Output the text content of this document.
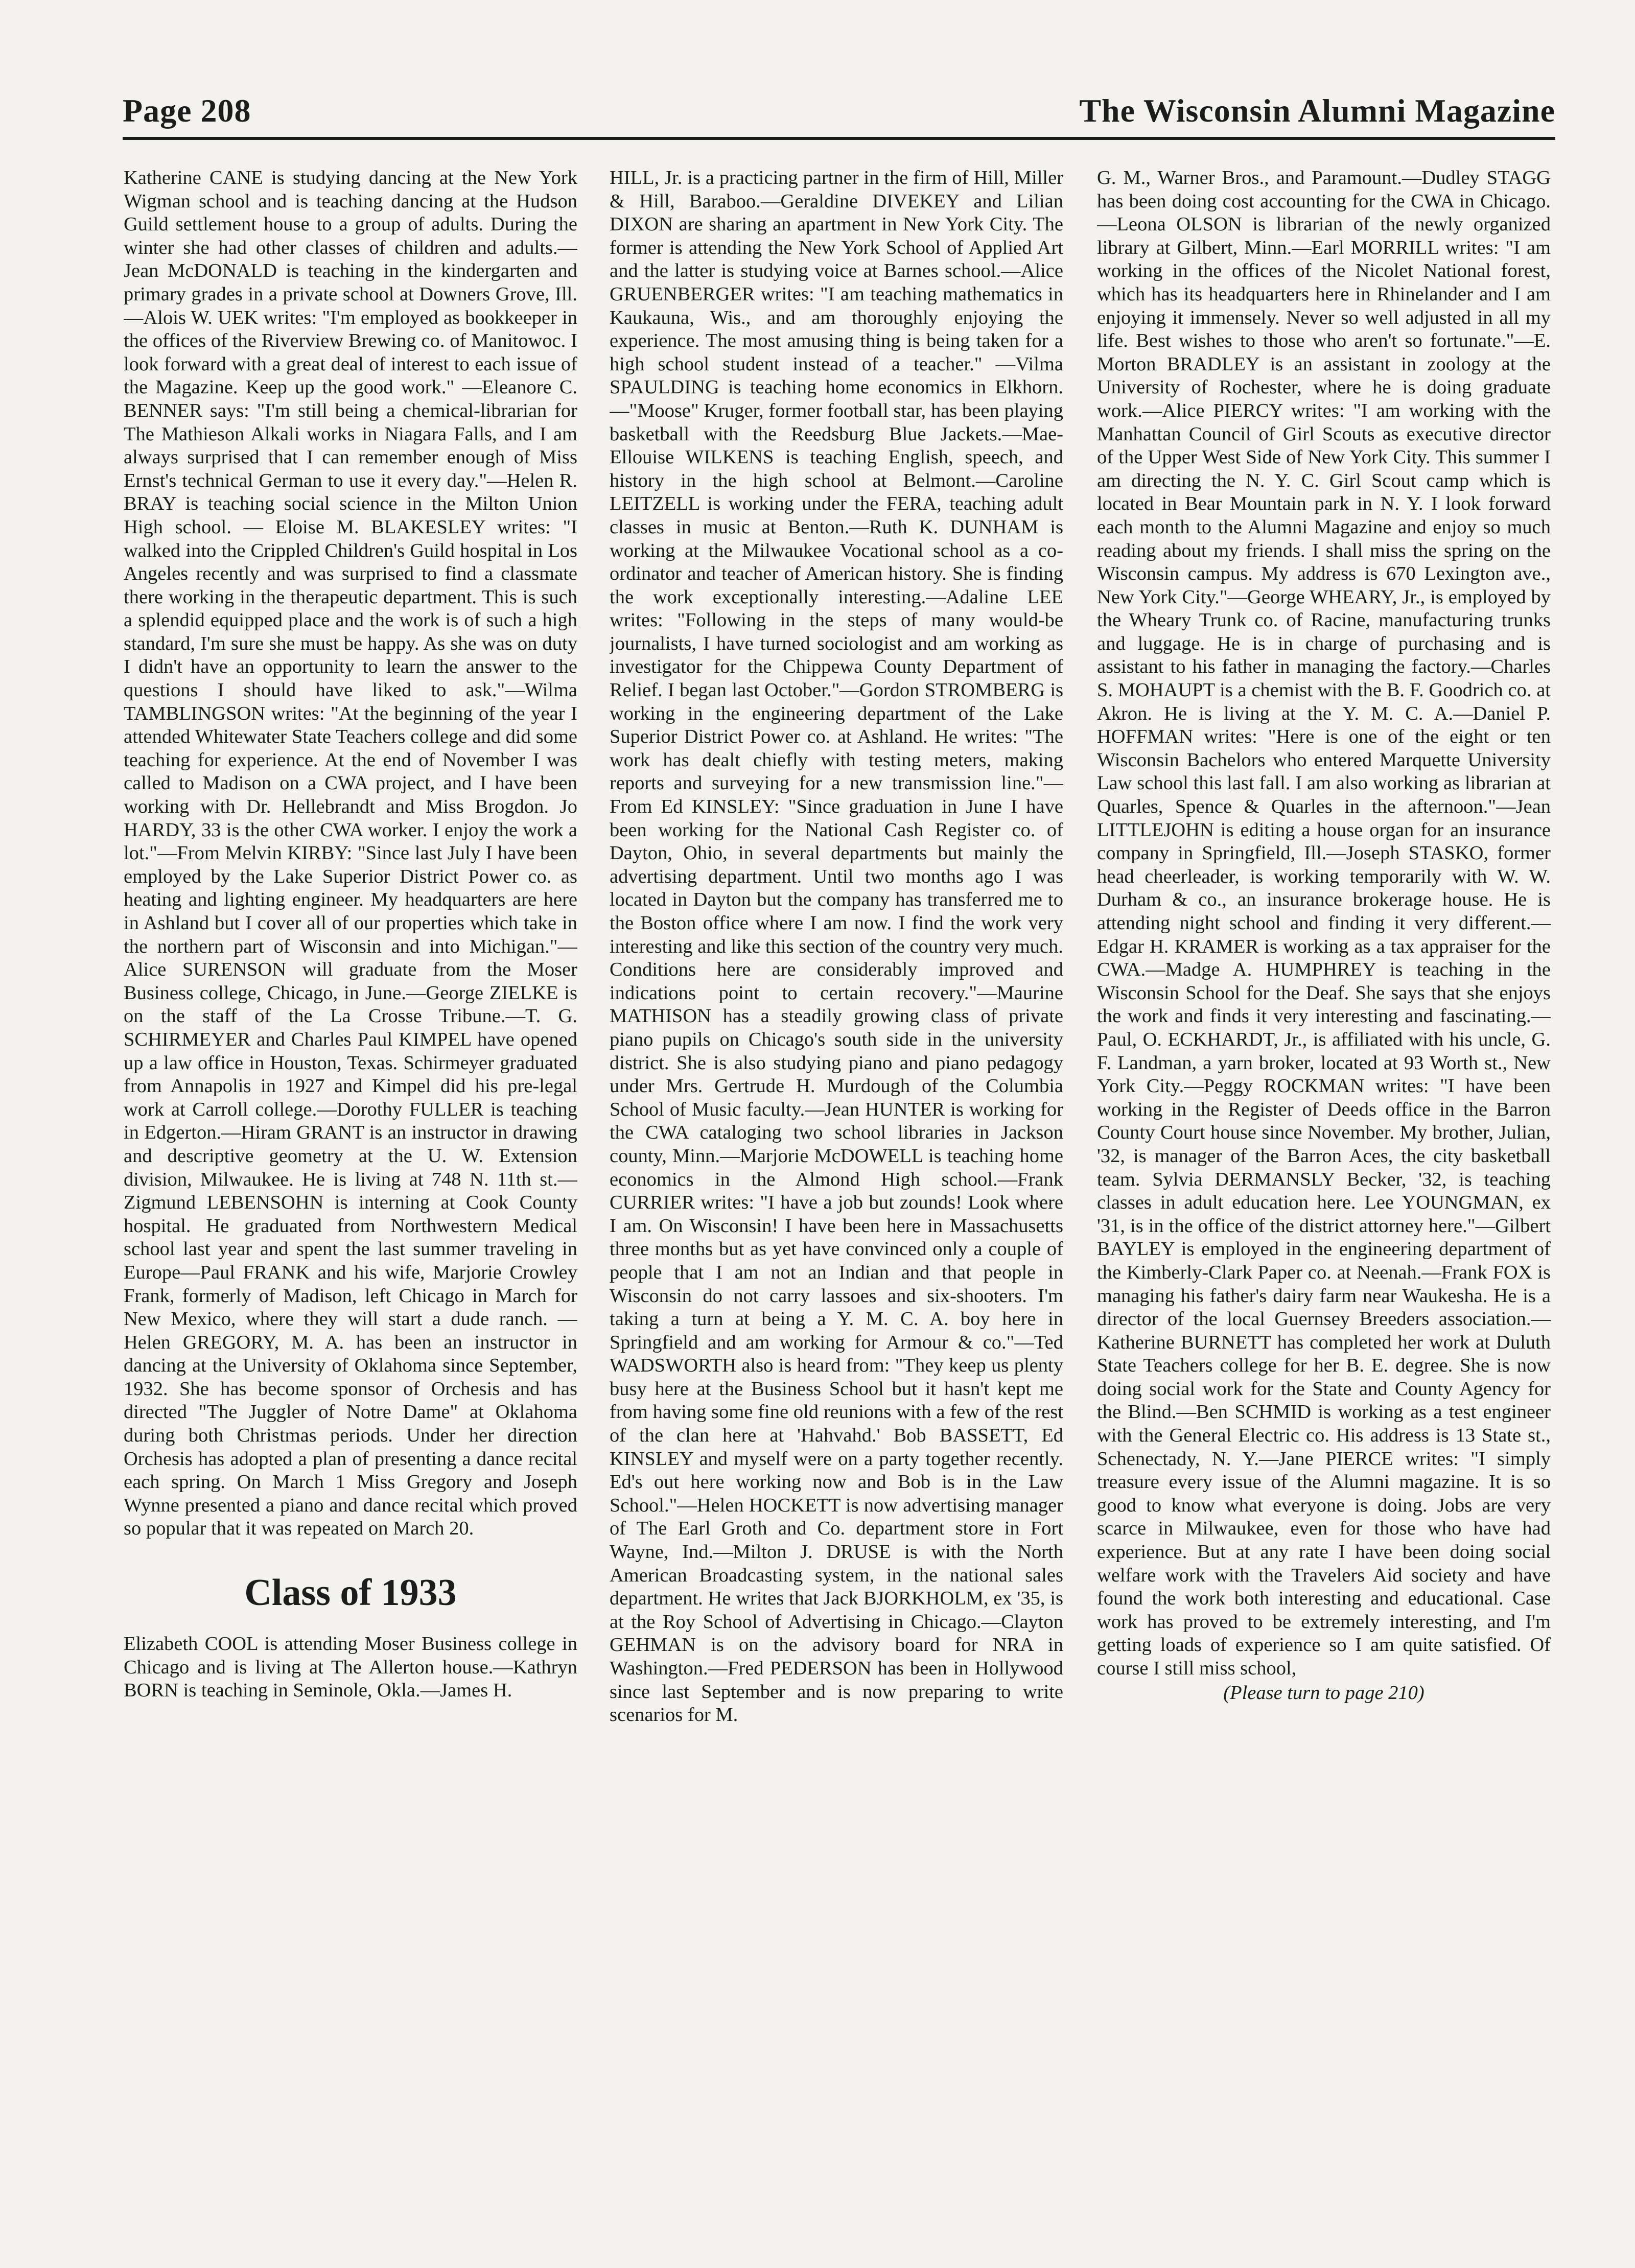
Page 208	The Wisconsin Alumni Magazine

Katherine CANE is studying dancing at the New York Wigman school and is teaching dancing at the Hudson Guild settlement house to a group of adults. During the winter she had other classes of children and adults.—Jean McDONALD is teaching in the kindergarten and primary grades in a private school at Downers Grove, Ill.—Alois W. UEK writes: "I'm employed as bookkeeper in the offices of the Riverview Brewing co. of Manitowoc. I look forward with a great deal of interest to each issue of the Magazine. Keep up the good work." —Eleanore C. BENNER says: "I'm still being a chemical-librarian for The Mathieson Alkali works in Niagara Falls, and I am always surprised that I can remember enough of Miss Ernst's technical German to use it every day."—Helen R. BRAY is teaching social science in the Milton Union High school. — Eloise M. BLAKESLEY writes: "I walked into the Crippled Children's Guild hospital in Los Angeles recently and was surprised to find a classmate there working in the therapeutic department. This is such a splendid equipped place and the work is of such a high standard, I'm sure she must be happy. As she was on duty I didn't have an opportunity to learn the answer to the questions I should have liked to ask."—Wilma TAMBLINGSON writes: "At the beginning of the year I attended Whitewater State Teachers college and did some teaching for experience. At the end of November I was called to Madison on a CWA project, and I have been working with Dr. Hellebrandt and Miss Brogdon. Jo HARDY, 33 is the other CWA worker. I enjoy the work a lot."—From Melvin KIRBY: "Since last July I have been employed by the Lake Superior District Power co. as heating and lighting engineer. My headquarters are here in Ashland but I cover all of our properties which take in the northern part of Wisconsin and into Michigan."—Alice SURENSON will graduate from the Moser Business college, Chicago, in June.—George ZIELKE is on the staff of the La Crosse Tribune.—T. G. SCHIRMEYER and Charles Paul KIMPEL have opened up a law office in Houston, Texas. Schirmeyer graduated from Annapolis in 1927 and Kimpel did his pre-legal work at Carroll college.—Dorothy FULLER is teaching in Edgerton.—Hiram GRANT is an instructor in drawing and descriptive geometry at the U. W. Extension division, Milwaukee. He is living at 748 N. 11th st.—Zigmund LEBENSOHN is interning at Cook County hospital. He graduated from Northwestern Medical school last year and spent the last summer traveling in Europe—Paul FRANK and his wife, Marjorie Crowley Frank, formerly of Madison, left Chicago in March for New Mexico, where they will start a dude ranch. —Helen GREGORY, M. A. has been an instructor in dancing at the University of Oklahoma since September, 1932. She has become sponsor of Orchesis and has directed "The Juggler of Notre Dame" at Oklahoma during both Christmas periods. Under her direction Orchesis has adopted a plan of presenting a dance recital each spring. On March 1 Miss Gregory and Joseph Wynne presented a piano and dance recital which proved so popular that it was repeated on March 20.

Class of 1933

Elizabeth COOL is attending Moser Business college in Chicago and is living at The Allerton house.—Kathryn BORN is teaching in Seminole, Okla.—James H.

HILL, Jr. is a practicing partner in the firm of Hill, Miller & Hill, Baraboo.—Geraldine DIVEKEY and Lilian DIXON are sharing an apartment in New York City. The former is attending the New York School of Applied Art and the latter is studying voice at Barnes school.—Alice GRUENBERGER writes: "I am teaching mathematics in Kaukauna, Wis., and am thoroughly enjoying the experience. The most amusing thing is being taken for a high school student instead of a teacher." —Vilma SPAULDING is teaching home economics in Elkhorn.—"Moose" Kruger, former football star, has been playing basketball with the Reedsburg Blue Jackets.—Mae-Ellouise WILKENS is teaching English, speech, and history in the high school at Belmont.—Caroline LEITZELL is working under the FERA, teaching adult classes in music at Benton.—Ruth K. DUNHAM is working at the Milwaukee Vocational school as a co-ordinator and teacher of American history. She is finding the work exceptionally interesting.—Adaline LEE writes: "Following in the steps of many would-be journalists, I have turned sociologist and am working as investigator for the Chippewa County Department of Relief. I began last October."—Gordon STROMBERG is working in the engineering department of the Lake Superior District Power co. at Ashland. He writes: "The work has dealt chiefly with testing meters, making reports and surveying for a new transmission line."—From Ed KINSLEY: "Since graduation in June I have been working for the National Cash Register co. of Dayton, Ohio, in several departments but mainly the advertising department. Until two months ago I was located in Dayton but the company has transferred me to the Boston office where I am now. I find the work very interesting and like this section of the country very much. Conditions here are considerably improved and indications point to certain recovery."—Maurine MATHISON has a steadily growing class of private piano pupils on Chicago's south side in the university district. She is also studying piano and piano pedagogy under Mrs. Gertrude H. Murdough of the Columbia School of Music faculty.—Jean HUNTER is working for the CWA cataloging two school libraries in Jackson county, Minn.—Marjorie McDOWELL is teaching home economics in the Almond High school.—Frank CURRIER writes: "I have a job but zounds! Look where I am. On Wisconsin! I have been here in Massachusetts three months but as yet have convinced only a couple of people that I am not an Indian and that people in Wisconsin do not carry lassoes and six-shooters. I'm taking a turn at being a Y. M. C. A. boy here in Springfield and am working for Armour & co."—Ted WADSWORTH also is heard from: "They keep us plenty busy here at the Business School but it hasn't kept me from having some fine old reunions with a few of the rest of the clan here at 'Hahvahd.' Bob BASSETT, Ed KINSLEY and myself were on a party together recently. Ed's out here working now and Bob is in the Law School."—Helen HOCKETT is now advertising manager of The Earl Groth and Co. department store in Fort Wayne, Ind.—Milton J. DRUSE is with the North American Broadcasting system, in the national sales department. He writes that Jack BJORKHOLM, ex '35, is at the Roy School of Advertising in Chicago.—Clayton GEHMAN is on the advisory board for NRA in Washington.—Fred PEDERSON has been in Hollywood since last September and is now preparing to write scenarios for M.

G. M., Warner Bros., and Paramount.—Dudley STAGG has been doing cost accounting for the CWA in Chicago.—Leona OLSON is librarian of the newly organized library at Gilbert, Minn.—Earl MORRILL writes: "I am working in the offices of the Nicolet National forest, which has its headquarters here in Rhinelander and I am enjoying it immensely. Never so well adjusted in all my life. Best wishes to those who aren't so fortunate."—E. Morton BRADLEY is an assistant in zoology at the University of Rochester, where he is doing graduate work.—Alice PIERCY writes: "I am working with the Manhattan Council of Girl Scouts as executive director of the Upper West Side of New York City. This summer I am directing the N. Y. C. Girl Scout camp which is located in Bear Mountain park in N. Y. I look forward each month to the Alumni Magazine and enjoy so much reading about my friends. I shall miss the spring on the Wisconsin campus. My address is 670 Lexington ave., New York City."—George WHEARY, Jr., is employed by the Wheary Trunk co. of Racine, manufacturing trunks and luggage. He is in charge of purchasing and is assistant to his father in managing the factory.—Charles S. MOHAUPT is a chemist with the B. F. Goodrich co. at Akron. He is living at the Y. M. C. A.—Daniel P. HOFFMAN writes: "Here is one of the eight or ten Wisconsin Bachelors who entered Marquette University Law school this last fall. I am also working as librarian at Quarles, Spence & Quarles in the afternoon."—Jean LITTLEJOHN is editing a house organ for an insurance company in Springfield, Ill.—Joseph STASKO, former head cheerleader, is working temporarily with W. W. Durham & co., an insurance brokerage house. He is attending night school and finding it very different.—Edgar H. KRAMER is working as a tax appraiser for the CWA.—Madge A. HUMPHREY is teaching in the Wisconsin School for the Deaf. She says that she enjoys the work and finds it very interesting and fascinating.—Paul, O. ECKHARDT, Jr., is affiliated with his uncle, G. F. Landman, a yarn broker, located at 93 Worth st., New York City.—Peggy ROCKMAN writes: "I have been working in the Register of Deeds office in the Barron County Court house since November. My brother, Julian, '32, is manager of the Barron Aces, the city basketball team. Sylvia DERMANSLY Becker, '32, is teaching classes in adult education here. Lee YOUNGMAN, ex '31, is in the office of the district attorney here."—Gilbert BAYLEY is employed in the engineering department of the Kimberly-Clark Paper co. at Neenah.—Frank FOX is managing his father's dairy farm near Waukesha. He is a director of the local Guernsey Breeders association.—Katherine BURNETT has completed her work at Duluth State Teachers college for her B. E. degree. She is now doing social work for the State and County Agency for the Blind.—Ben SCHMID is working as a test engineer with the General Electric co. His address is 13 State st., Schenectady, N. Y.—Jane PIERCE writes: "I simply treasure every issue of the Alumni magazine. It is so good to know what everyone is doing. Jobs are very scarce in Milwaukee, even for those who have had experience. But at any rate I have been doing social welfare work with the Travelers Aid society and have found the work both interesting and educational. Case work has proved to be extremely interesting, and I'm getting loads of experience so I am quite satisfied. Of course I still miss school,

(Please turn to page 210)
